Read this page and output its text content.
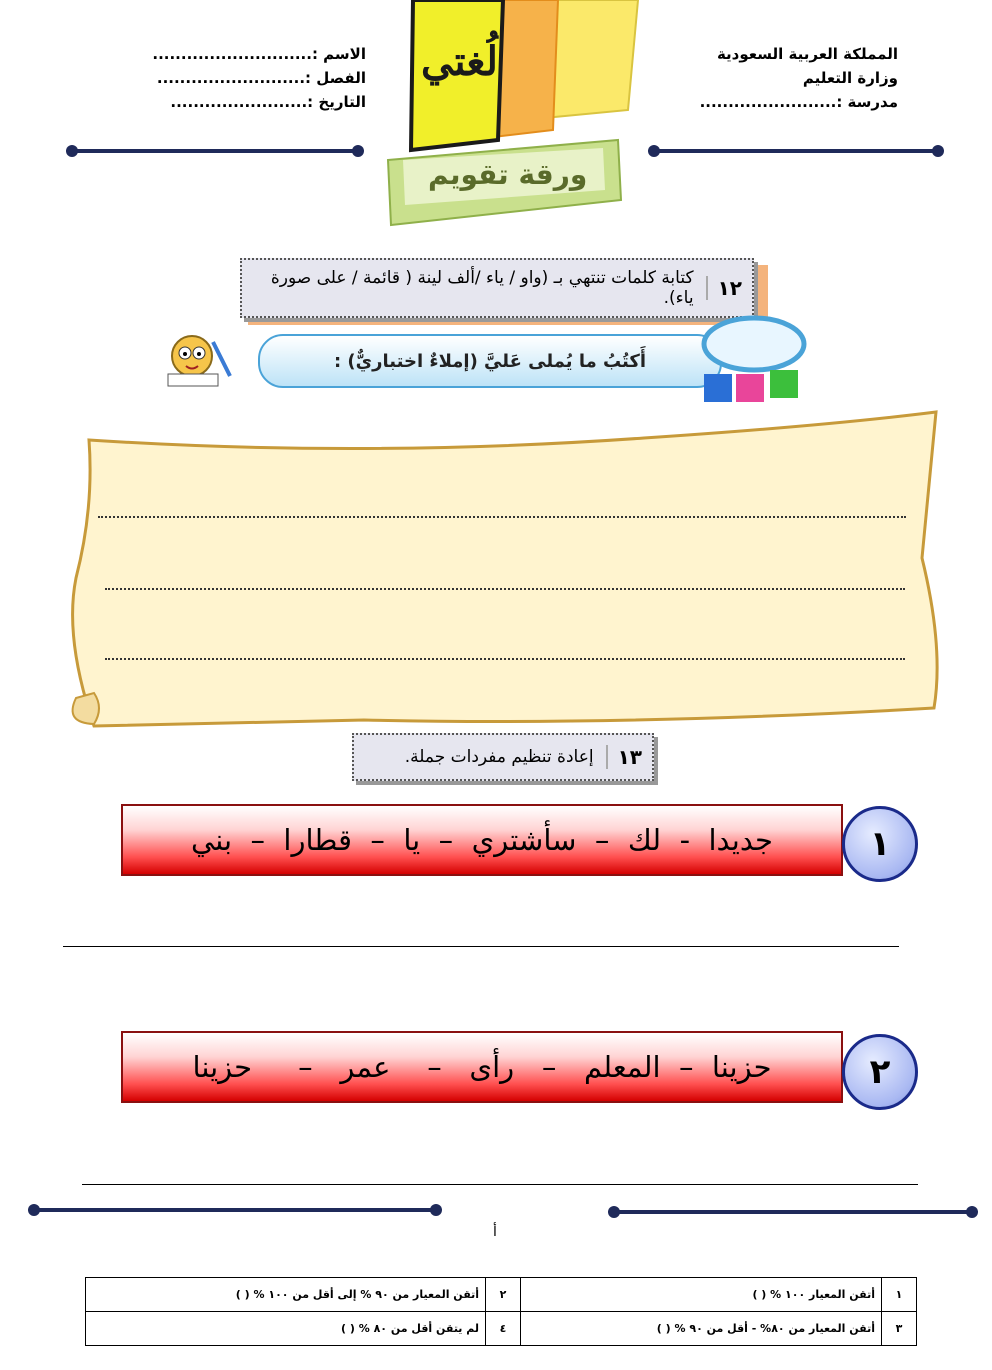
المملكة العربية السعودية
وزارة التعليم
مدرسة :........................
الاسم :............................
الفصل :..........................
التاريخ :........................
لُغتي
ورقة تقويم
١٢
كتابة كلمات تنتهي بـ (واو / ياء /ألف لينة ( قائمة / على صورة ياء).
أَكتُبُ ما يُملى عَليَّ (إملاءٌ اختباريٌّ) :
١٣
إعادة تنظيم مفردات جملة.
جديدا  -  لك  –  سأشتري  –  يا  –  قطارا  –  بني	١
حزينا  –  المعلم   –   رأى   –    عمر   –     حزينا	٢
أ
١	أتقن المعيار ١٠٠ % ( )	٢	أتقن المعيار من ٩٠ % إلى أقل من ١٠٠ % ( )
٣	أتقن المعيار من ٨٠% - أقل من ٩٠ % ( )	٤	لم يتقن أقل من ٨٠ % ( )
